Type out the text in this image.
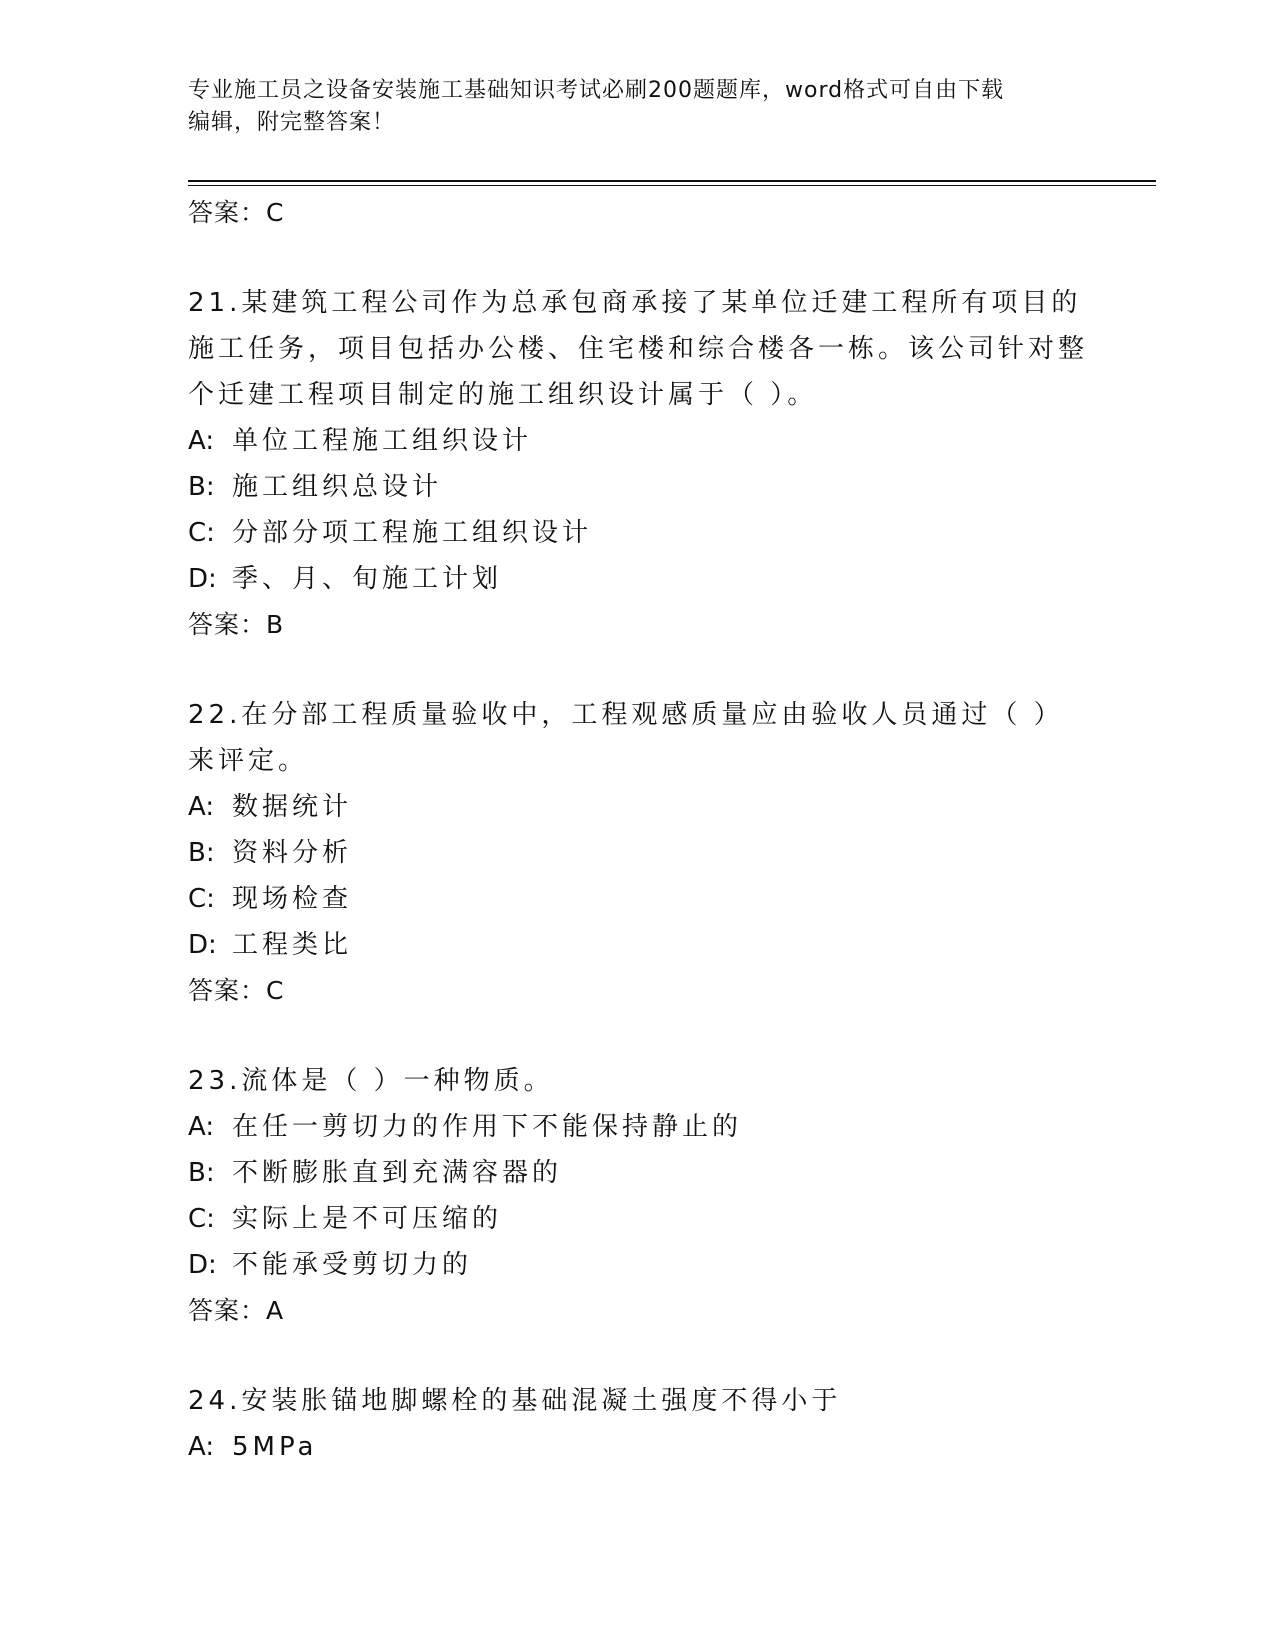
专业施工员之设备安装施工基础知识考试必刷200题题库，word格式可自由下载
编辑，附完整答案！
答案：C
21.某建筑工程公司作为总承包商承接了某单位迁建工程所有项目的施工任务，项目包括办公楼、住宅楼和综合楼各一栋。该公司针对整个迁建工程项目制定的施工组织设计属于（ ）。
A: 单位工程施工组织设计
B: 施工组织总设计
C: 分部分项工程施工组织设计
D: 季、月、旬施工计划
答案：B
22.在分部工程质量验收中，工程观感质量应由验收人员通过（ ）来评定。
A: 数据统计
B: 资料分析
C: 现场检查
D: 工程类比
答案：C
23.流体是（ ）一种物质。
A: 在任一剪切力的作用下不能保持静止的
B: 不断膨胀直到充满容器的
C: 实际上是不可压缩的
D: 不能承受剪切力的
答案：A
24.安装胀锚地脚螺栓的基础混凝土强度不得小于
A: 5MPa
